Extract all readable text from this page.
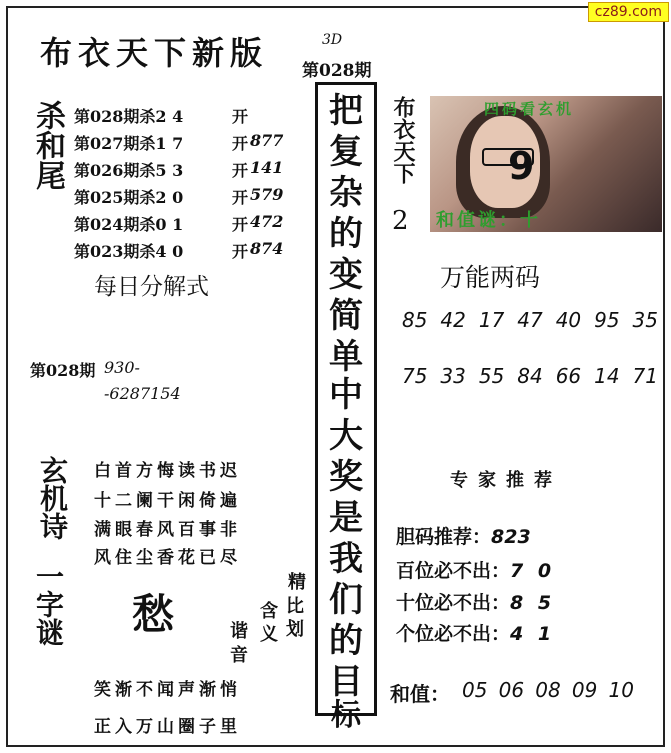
cz89.com
布衣天下新版	3D
第028期
杀和尾 第028期杀2 4	开
第027期杀1 7	开 877
第026期杀5 3	开 141
第025期杀2 0	开 579
第024期杀0 1	开 472
第023期杀4 0	开 874
每日分解式
第028期 930-
-6287154
玄机诗 白首方悔读书迟
十二阑干闲倚遍
满眼春风百事非
风住尘香花已尽
一字谜 愁
精
比
划
含
义
谐
音
笑渐不闻声渐悄
正入万山圈子里
把
复
杂
的
变
简
单
中
大
奖
是
我
们
的
目
标
布衣天下
2
四码看玄机
9
和值谜：十
万能两码
85 42 17 47 40 95 35
75 33 55 84 66 14 71
专家推荐
胆码推荐：823
百位必不出：7 0
十位必不出：8 5
个位必不出：4 1
和值： 05 06 08 09 10
